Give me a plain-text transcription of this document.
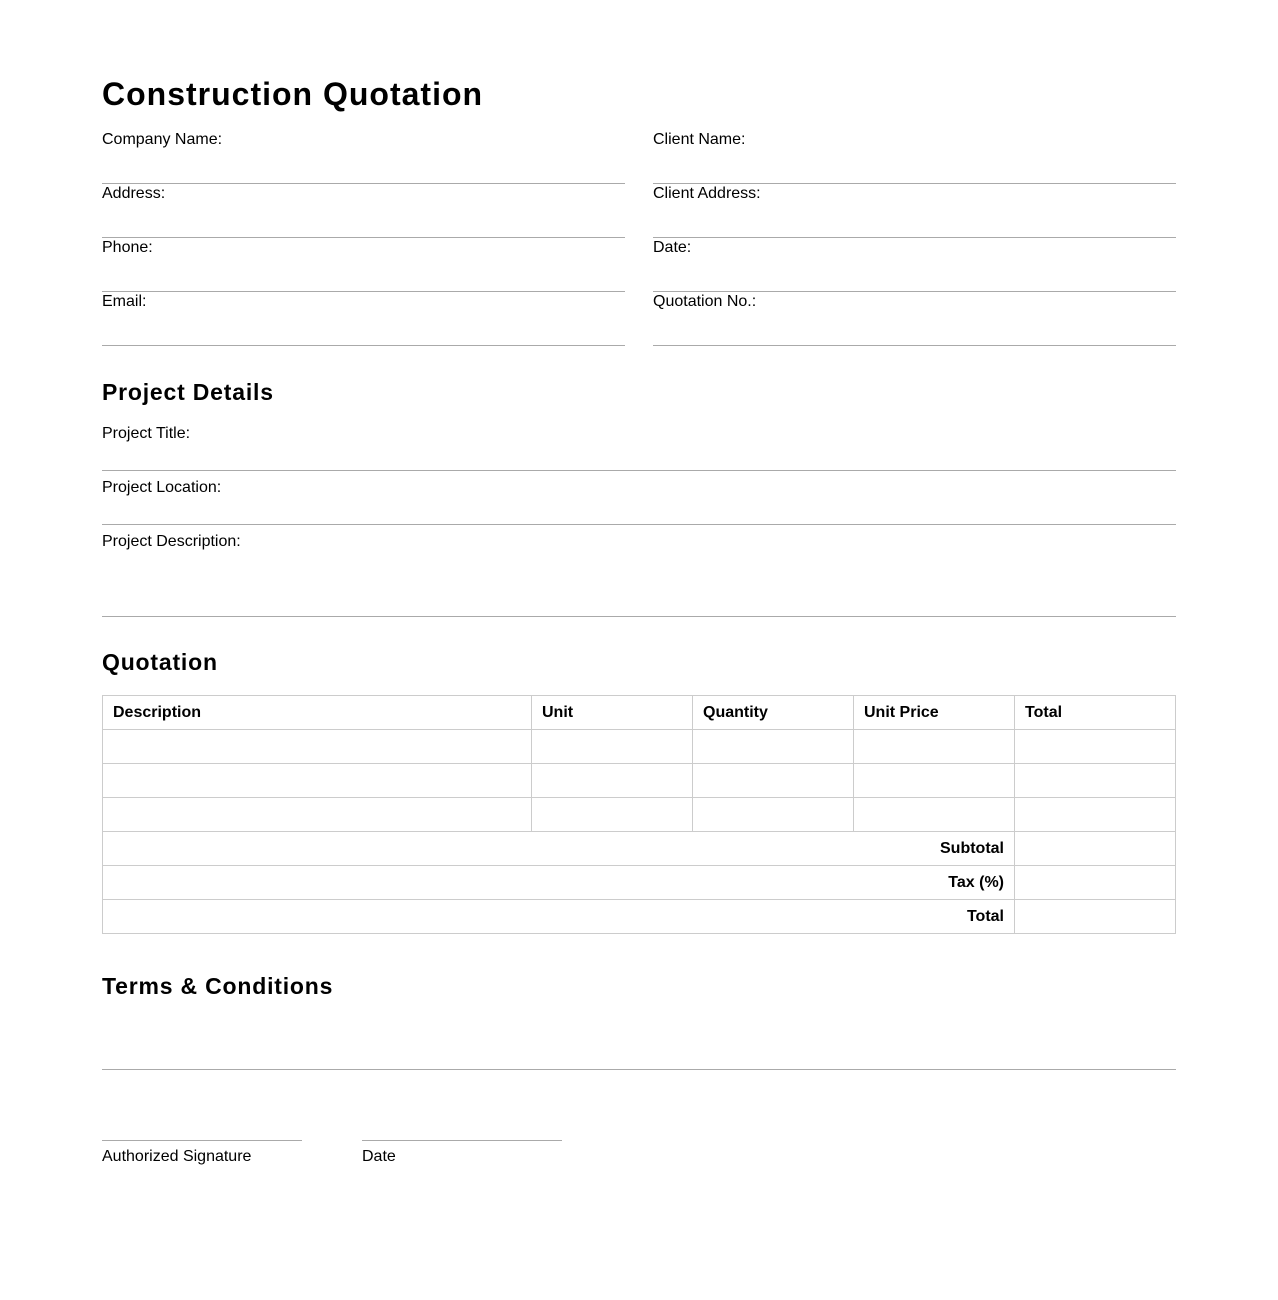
Construction Quotation
Company Name:
Address:
Phone:
Email:
Client Name:
Client Address:
Date:
Quotation No.:
Project Details
Project Title:
Project Location:
Project Description:
Quotation
Description	Unit	Quantity	Unit Price	Total

Subtotal				
Tax (%)				
Total				
Terms & Conditions
Authorized Signature	Date
